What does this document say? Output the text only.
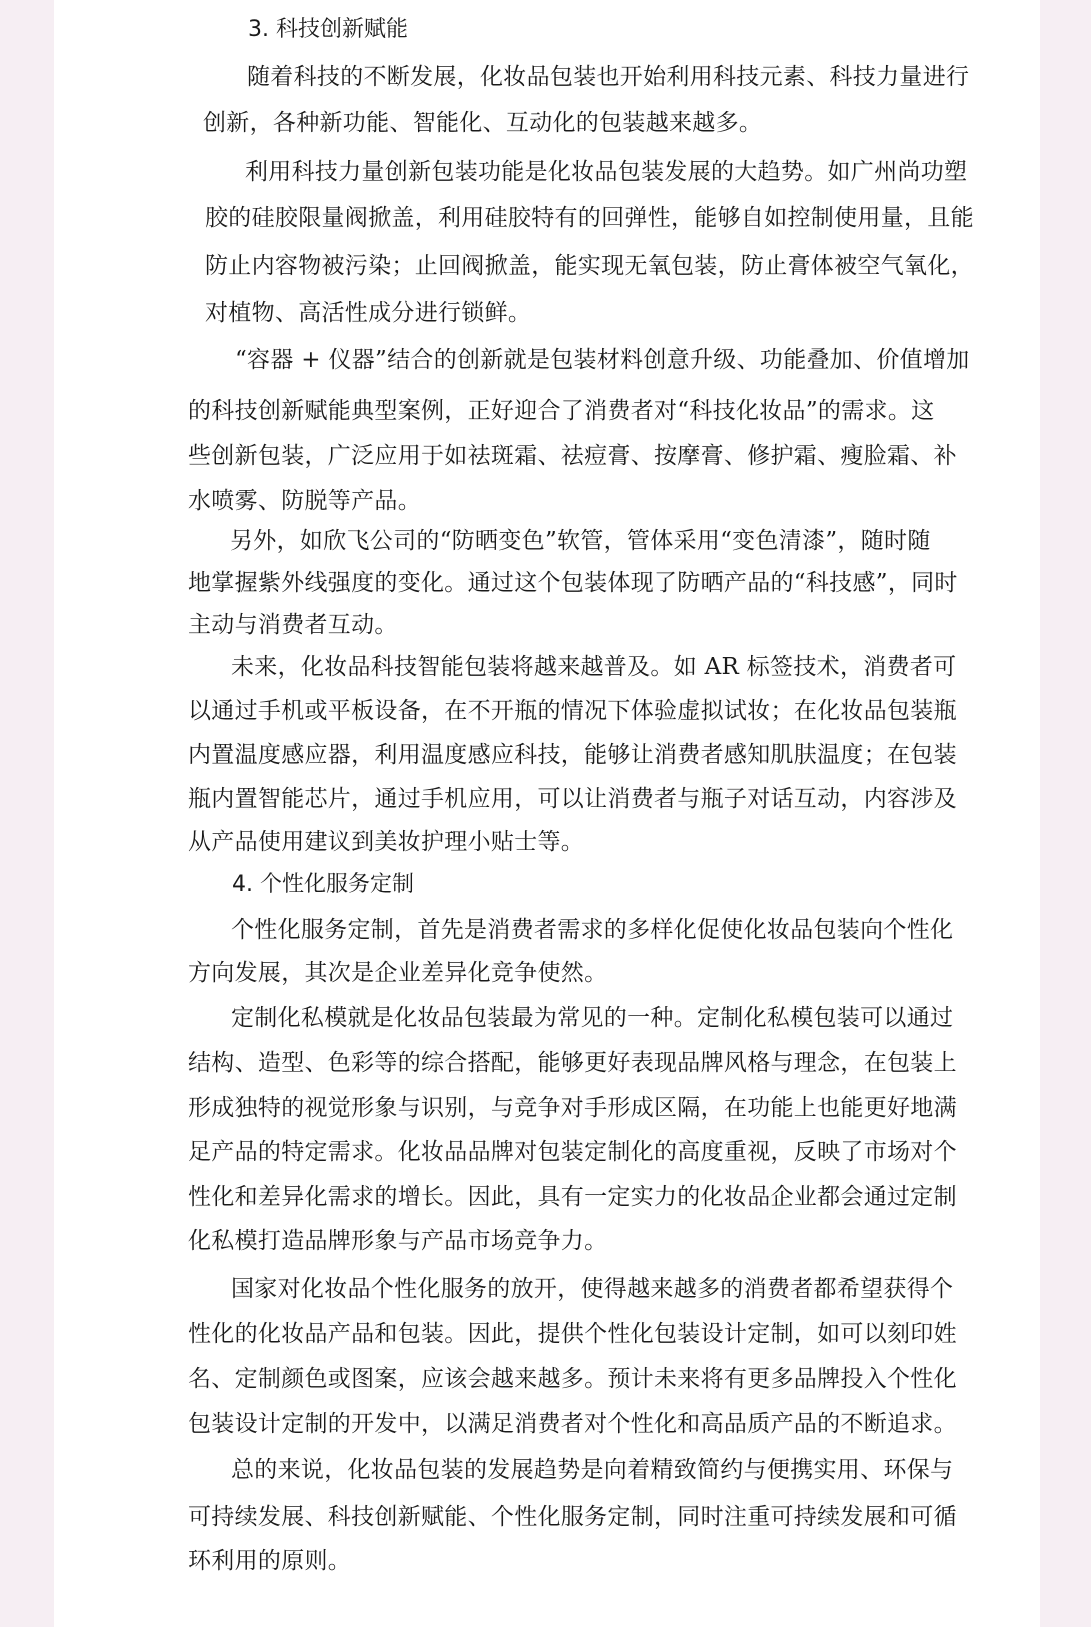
3. 科技创新赋能
随着科技的不断发展，化妆品包装也开始利用科技元素、科技力量进行
创新，各种新功能、智能化、互动化的包装越来越多。
利用科技力量创新包装功能是化妆品包装发展的大趋势。如广州尚功塑
胶的硅胶限量阀掀盖，利用硅胶特有的回弹性，能够自如控制使用量，且能
防止内容物被污染；止回阀掀盖，能实现无氧包装，防止膏体被空气氧化，
对植物、高活性成分进行锁鲜。
“容器 + 仪器”结合的创新就是包装材料创意升级、功能叠加、价值增加
的科技创新赋能典型案例，正好迎合了消费者对“科技化妆品”的需求。这
些创新包装，广泛应用于如祛斑霜、祛痘膏、按摩膏、修护霜、瘦脸霜、补
水喷雾、防脱等产品。
另外，如欣飞公司的“防晒变色”软管，管体采用“变色清漆”，随时随
地掌握紫外线强度的变化。通过这个包装体现了防晒产品的“科技感”，同时
主动与消费者互动。
未来，化妆品科技智能包装将越来越普及。如 AR 标签技术，消费者可
以通过手机或平板设备，在不开瓶的情况下体验虚拟试妆；在化妆品包装瓶
内置温度感应器，利用温度感应科技，能够让消费者感知肌肤温度；在包装
瓶内置智能芯片，通过手机应用，可以让消费者与瓶子对话互动，内容涉及
从产品使用建议到美妆护理小贴士等。
4. 个性化服务定制
个性化服务定制，首先是消费者需求的多样化促使化妆品包装向个性化
方向发展，其次是企业差异化竞争使然。
定制化私模就是化妆品包装最为常见的一种。定制化私模包装可以通过
结构、造型、色彩等的综合搭配，能够更好表现品牌风格与理念，在包装上
形成独特的视觉形象与识别，与竞争对手形成区隔，在功能上也能更好地满
足产品的特定需求。化妆品品牌对包装定制化的高度重视，反映了市场对个
性化和差异化需求的增长。因此，具有一定实力的化妆品企业都会通过定制
化私模打造品牌形象与产品市场竞争力。
国家对化妆品个性化服务的放开，使得越来越多的消费者都希望获得个
性化的化妆品产品和包装。因此，提供个性化包装设计定制，如可以刻印姓
名、定制颜色或图案，应该会越来越多。预计未来将有更多品牌投入个性化
包装设计定制的开发中，以满足消费者对个性化和高品质产品的不断追求。
总的来说，化妆品包装的发展趋势是向着精致简约与便携实用、环保与
可持续发展、科技创新赋能、个性化服务定制，同时注重可持续发展和可循
环利用的原则。
